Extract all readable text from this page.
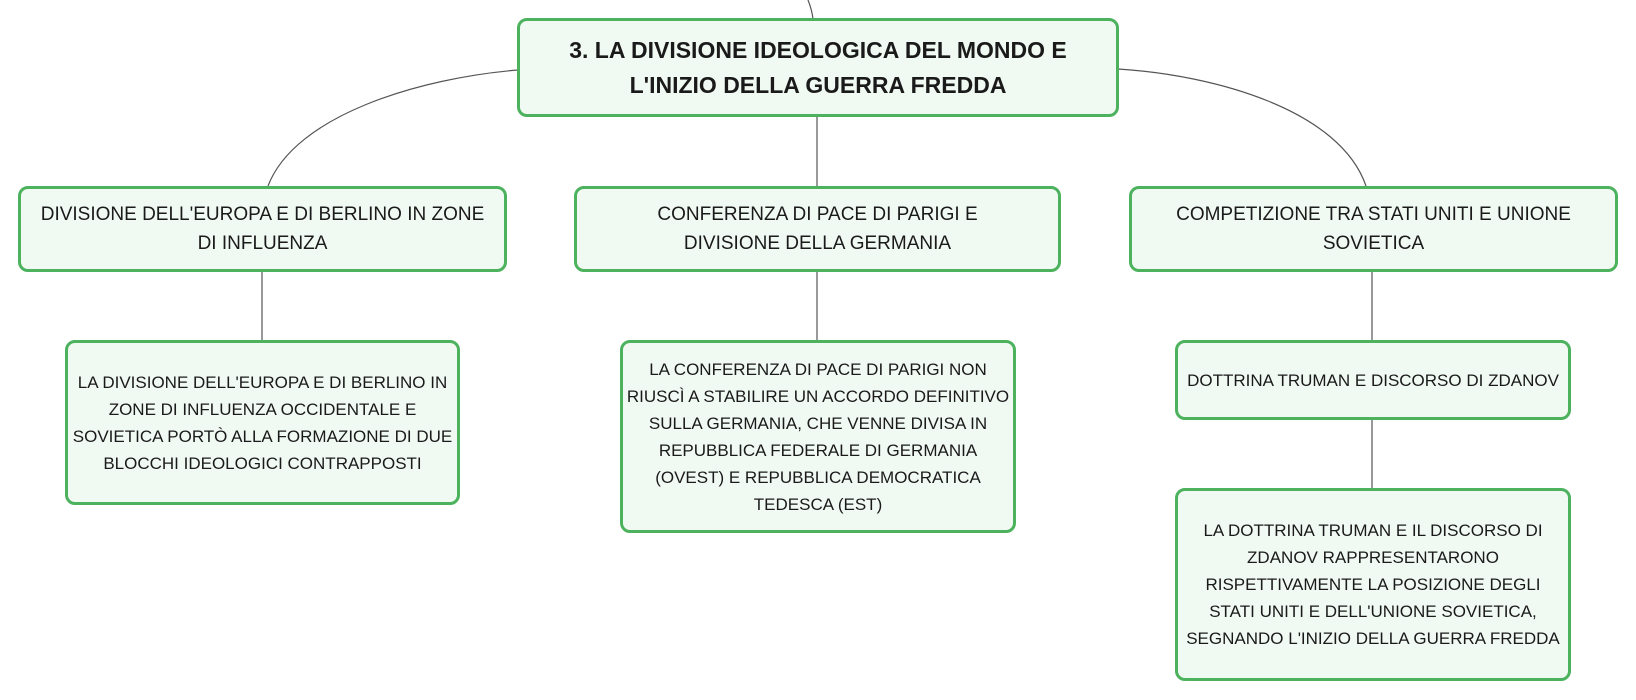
3. LA DIVISIONE IDEOLOGICA DEL MONDO E L'INIZIO DELLA GUERRA FREDDA
DIVISIONE DELL'EUROPA E DI BERLINO IN ZONE DI INFLUENZA
CONFERENZA DI PACE DI PARIGI E DIVISIONE DELLA GERMANIA
COMPETIZIONE TRA STATI UNITI E UNIONE SOVIETICA
LA DIVISIONE DELL'EUROPA E DI BERLINO IN ZONE DI INFLUENZA OCCIDENTALE E SOVIETICA PORTÒ ALLA FORMAZIONE DI DUE BLOCCHI IDEOLOGICI CONTRAPPOSTI
LA CONFERENZA DI PACE DI PARIGI NON RIUSCÌ A STABILIRE UN ACCORDO DEFINITIVO SULLA GERMANIA, CHE VENNE DIVISA IN REPUBBLICA FEDERALE DI GERMANIA (OVEST) E REPUBBLICA DEMOCRATICA TEDESCA (EST)
DOTTRINA TRUMAN E DISCORSO DI ZDANOV
LA DOTTRINA TRUMAN E IL DISCORSO DI ZDANOV RAPPRESENTARONO RISPETTIVAMENTE LA POSIZIONE DEGLI STATI UNITI E DELL'UNIONE SOVIETICA, SEGNANDO L'INIZIO DELLA GUERRA FREDDA
